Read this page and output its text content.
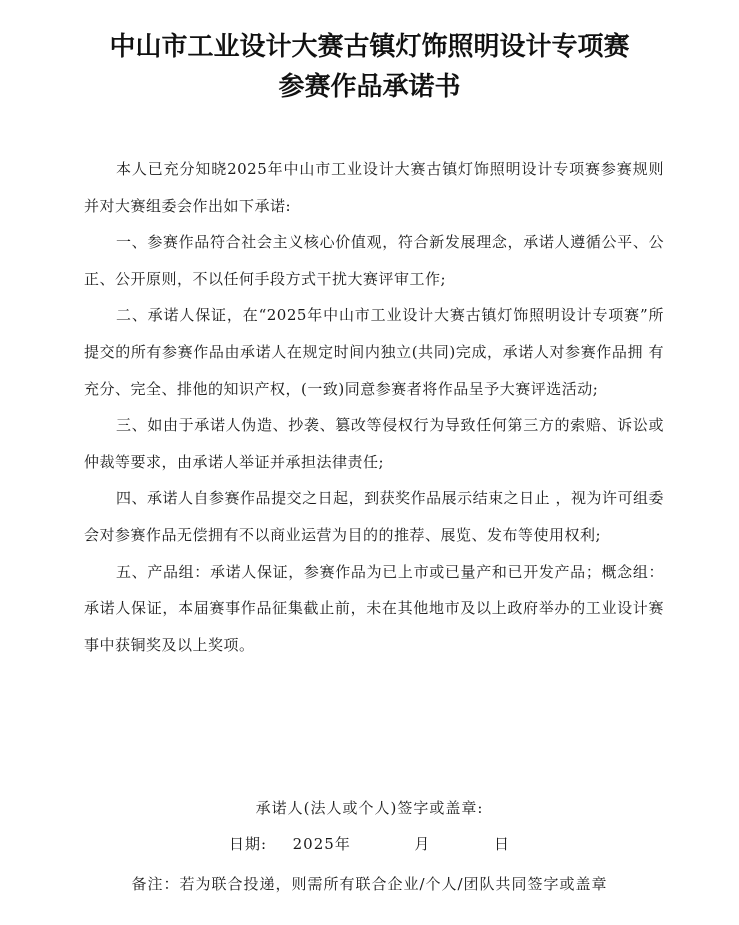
中山市工业设计大赛古镇灯饰照明设计专项赛
参赛作品承诺书

本人已充分知晓2025年中山市工业设计大赛古镇灯饰照明设计专项赛参赛规则并对大赛组委会作出如下承诺:

一、参赛作品符合社会主义核心价值观，符合新发展理念，承诺人遵循公平、公正、公开原则，不以任何手段方式干扰大赛评审工作;

二、承诺人保证，在“2025年中山市工业设计大赛古镇灯饰照明设计专项赛”所提交的所有参赛作品由承诺人在规定时间内独立(共同)完成，承诺人对参赛作品拥 有充分、完全、排他的知识产权，(一致)同意参赛者将作品呈予大赛评选活动;

三、如由于承诺人伪造、抄袭、篡改等侵权行为导致任何第三方的索赔、诉讼或仲裁等要求，由承诺人举证并承担法律责任;

四、承诺人自参赛作品提交之日起，到获奖作品展示结束之日止 ，视为许可组委会对参赛作品无偿拥有不以商业运营为目的的推荐、展览、发布等使用权利;

五、产品组：承诺人保证，参赛作品为已上市或已量产和已开发产品；概念组：承诺人保证，本届赛事作品征集截止前，未在其他地市及以上政府举办的工业设计赛事中获铜奖及以上奖项。

承诺人(法人或个人)签字或盖章:
日期: 2025年	月	日
备注：若为联合投递，则需所有联合企业/个人/团队共同签字或盖章
